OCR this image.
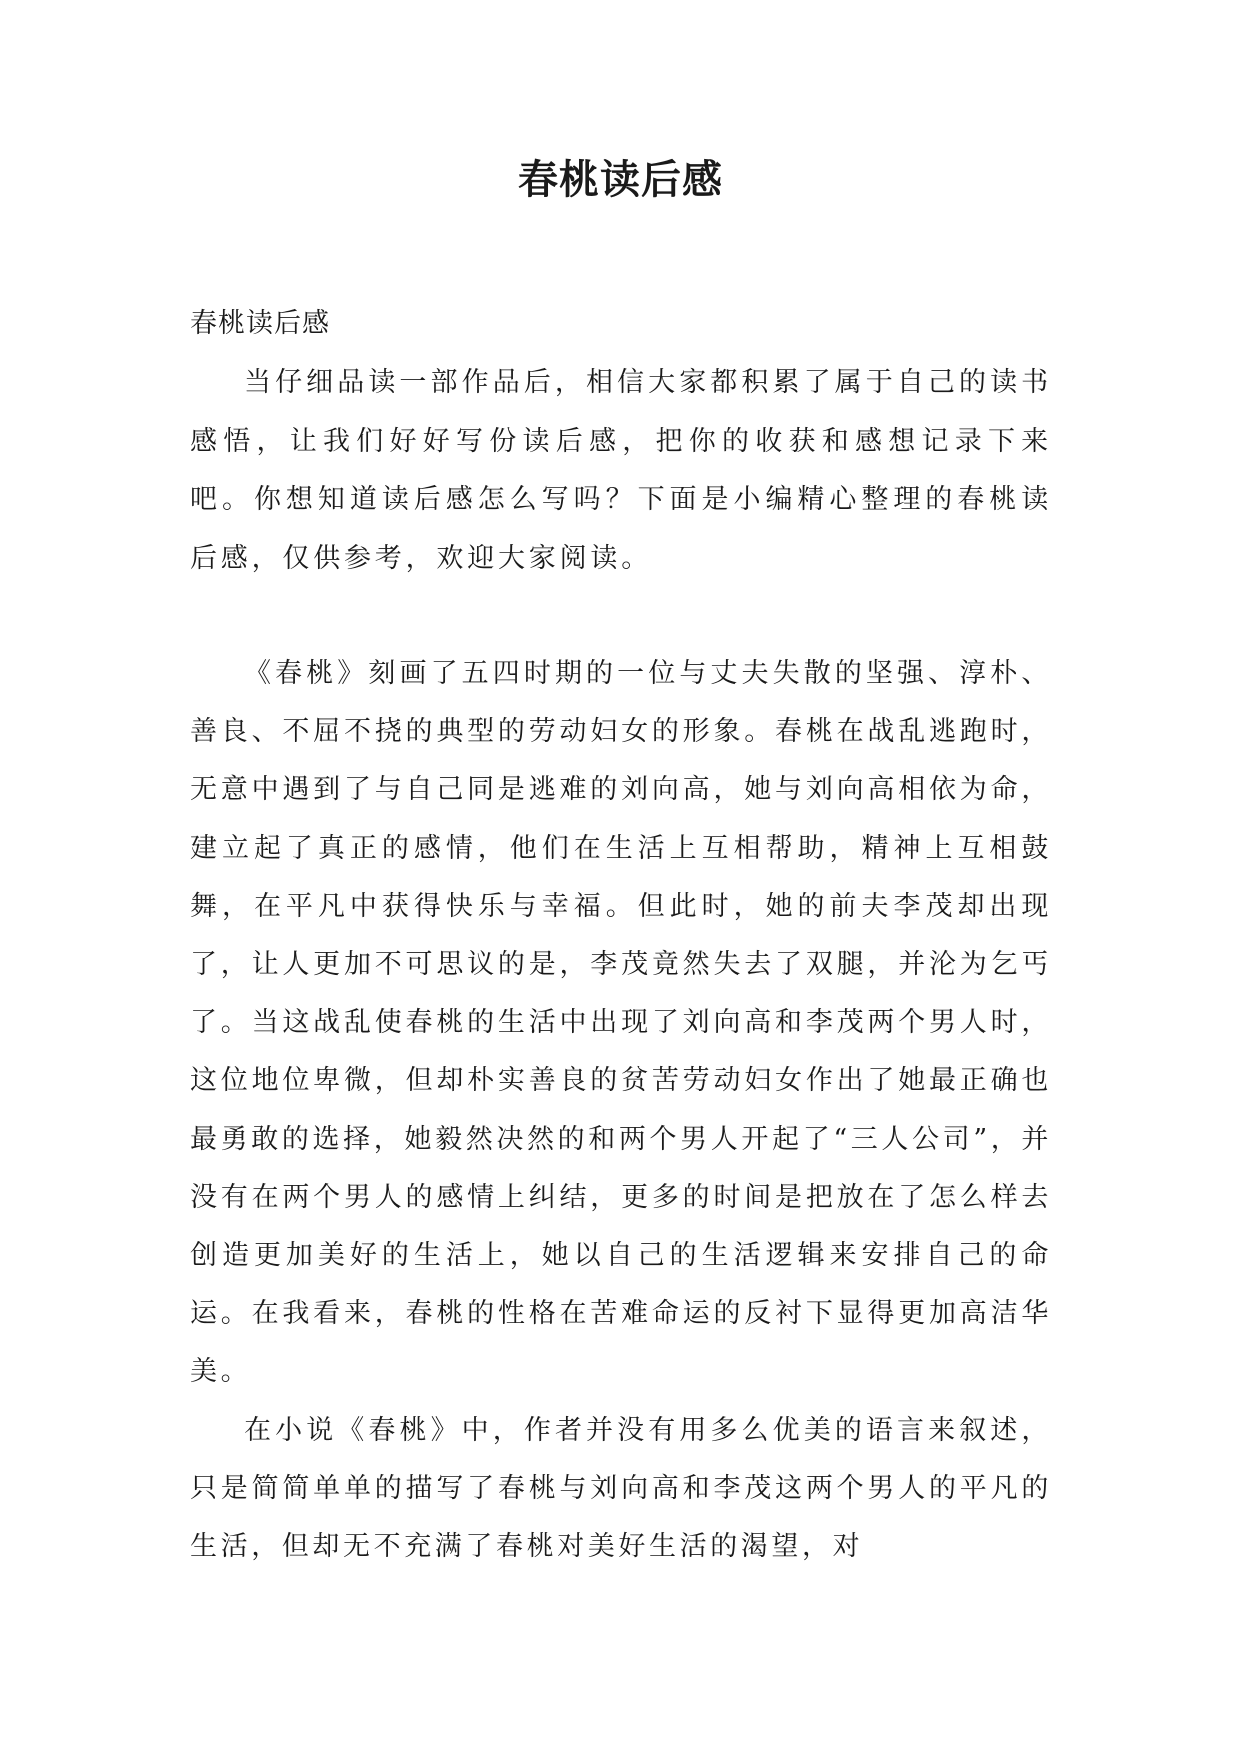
春桃读后感

春桃读后感

当仔细品读一部作品后，相信大家都积累了属于自己的读书感悟，让我们好好写份读后感，把你的收获和感想记录下来吧。你想知道读后感怎么写吗？下面是小编精心整理的春桃读后感，仅供参考，欢迎大家阅读。

《春桃》刻画了五四时期的一位与丈夫失散的坚强、淳朴、善良、不屈不挠的典型的劳动妇女的形象。春桃在战乱逃跑时，无意中遇到了与自己同是逃难的刘向高，她与刘向高相依为命，建立起了真正的感情，他们在生活上互相帮助，精神上互相鼓舞，在平凡中获得快乐与幸福。但此时，她的前夫李茂却出现了，让人更加不可思议的是，李茂竟然失去了双腿，并沦为乞丐了。当这战乱使春桃的生活中出现了刘向高和李茂两个男人时，这位地位卑微，但却朴实善良的贫苦劳动妇女作出了她最正确也最勇敢的选择，她毅然决然的和两个男人开起了“三人公司”，并没有在两个男人的感情上纠结，更多的时间是把放在了怎么样去创造更加美好的生活上，她以自己的生活逻辑来安排自己的命运。在我看来，春桃的性格在苦难命运的反衬下显得更加高洁华美。

在小说《春桃》中，作者并没有用多么优美的语言来叙述，只是简简单单的描写了春桃与刘向高和李茂这两个男人的平凡的生活，但却无不充满了春桃对美好生活的渴望，对
